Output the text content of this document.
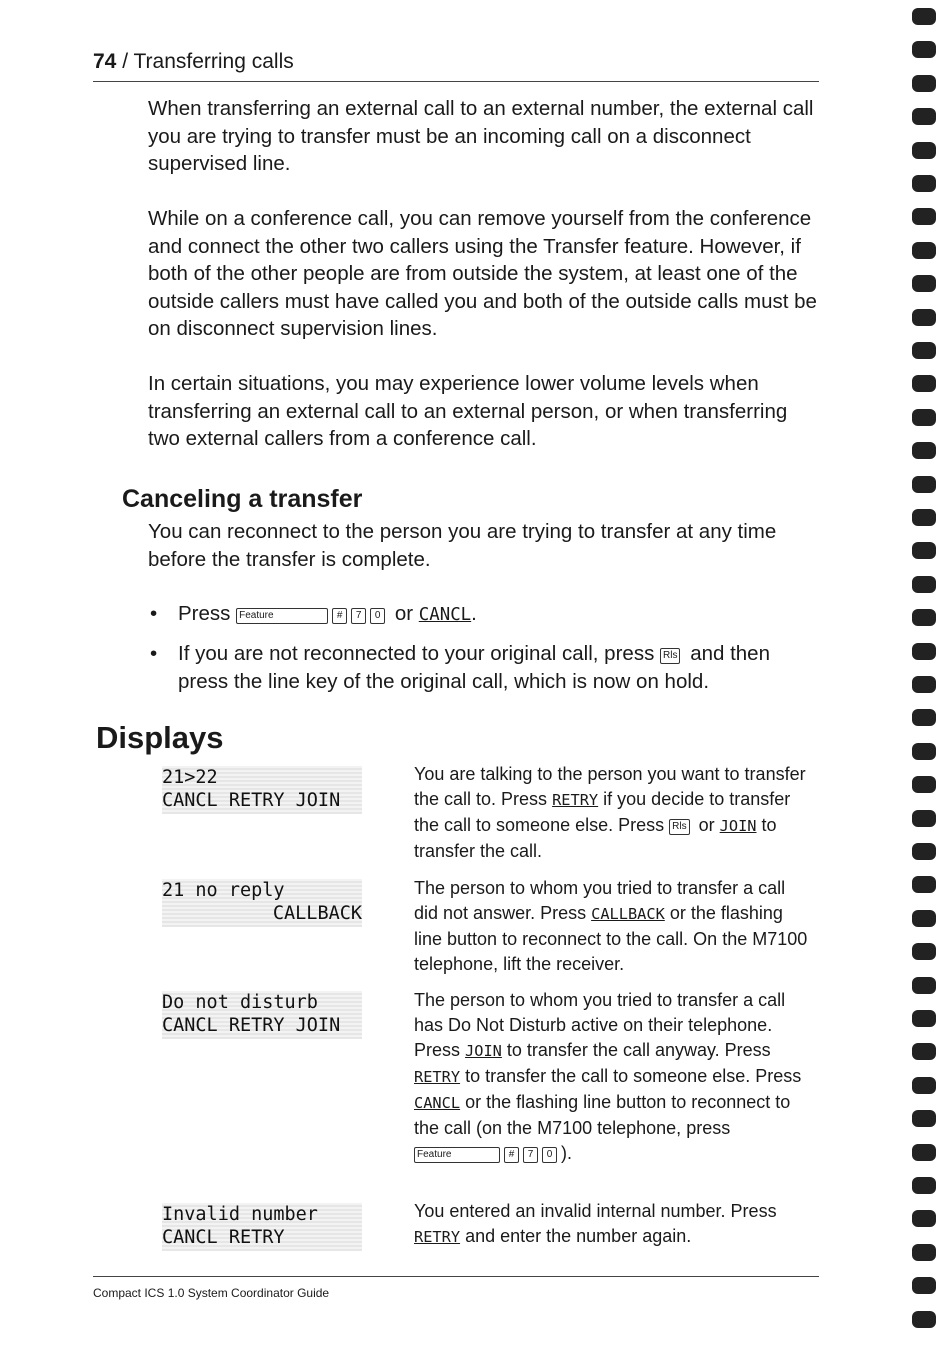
74 / Transferring calls
When transferring an external call to an external number, the external call you are trying to transfer must be an incoming call on a disconnect supervised line.
While on a conference call, you can remove yourself from the conference and connect the other two callers using the Transfer feature. However, if both of the other people are from outside the system, at least one of the outside callers must have called you and both of the outside calls must be on disconnect supervision lines.
In certain situations, you may experience lower volume levels when transferring an external call to an external person, or when transferring two external callers from a conference call.
Canceling a transfer
You can reconnect to the person you are trying to transfer at any time before the transfer is complete.
• Press Feature	# 7 0 or CANCL.
• If you are not reconnected to your original call, press Rls and then press the line key of the original call, which is now on hold.
Displays
21>22
CANCL RETRY JOIN
You are talking to the person you want to transfer the call to. Press RETRY if you decide to transfer the call to someone else. Press Rls or JOIN to transfer the call.
21 no reply
CALLBACK
The person to whom you tried to transfer a call did not answer. Press CALLBACK or the flashing line button to reconnect to the call. On the M7100 telephone, lift the receiver.
Do not disturb
CANCL RETRY JOIN
The person to whom you tried to transfer a call has Do Not Disturb active on their telephone. Press JOIN to transfer the call anyway. Press RETRY to transfer the call to someone else. Press CANCL or the flashing line button to reconnect to the call (on the M7100 telephone, press Feature	# 7 0 ).
Invalid number
CANCL RETRY
You entered an invalid internal number. Press RETRY and enter the number again.
Compact ICS 1.0 System Coordinator Guide
